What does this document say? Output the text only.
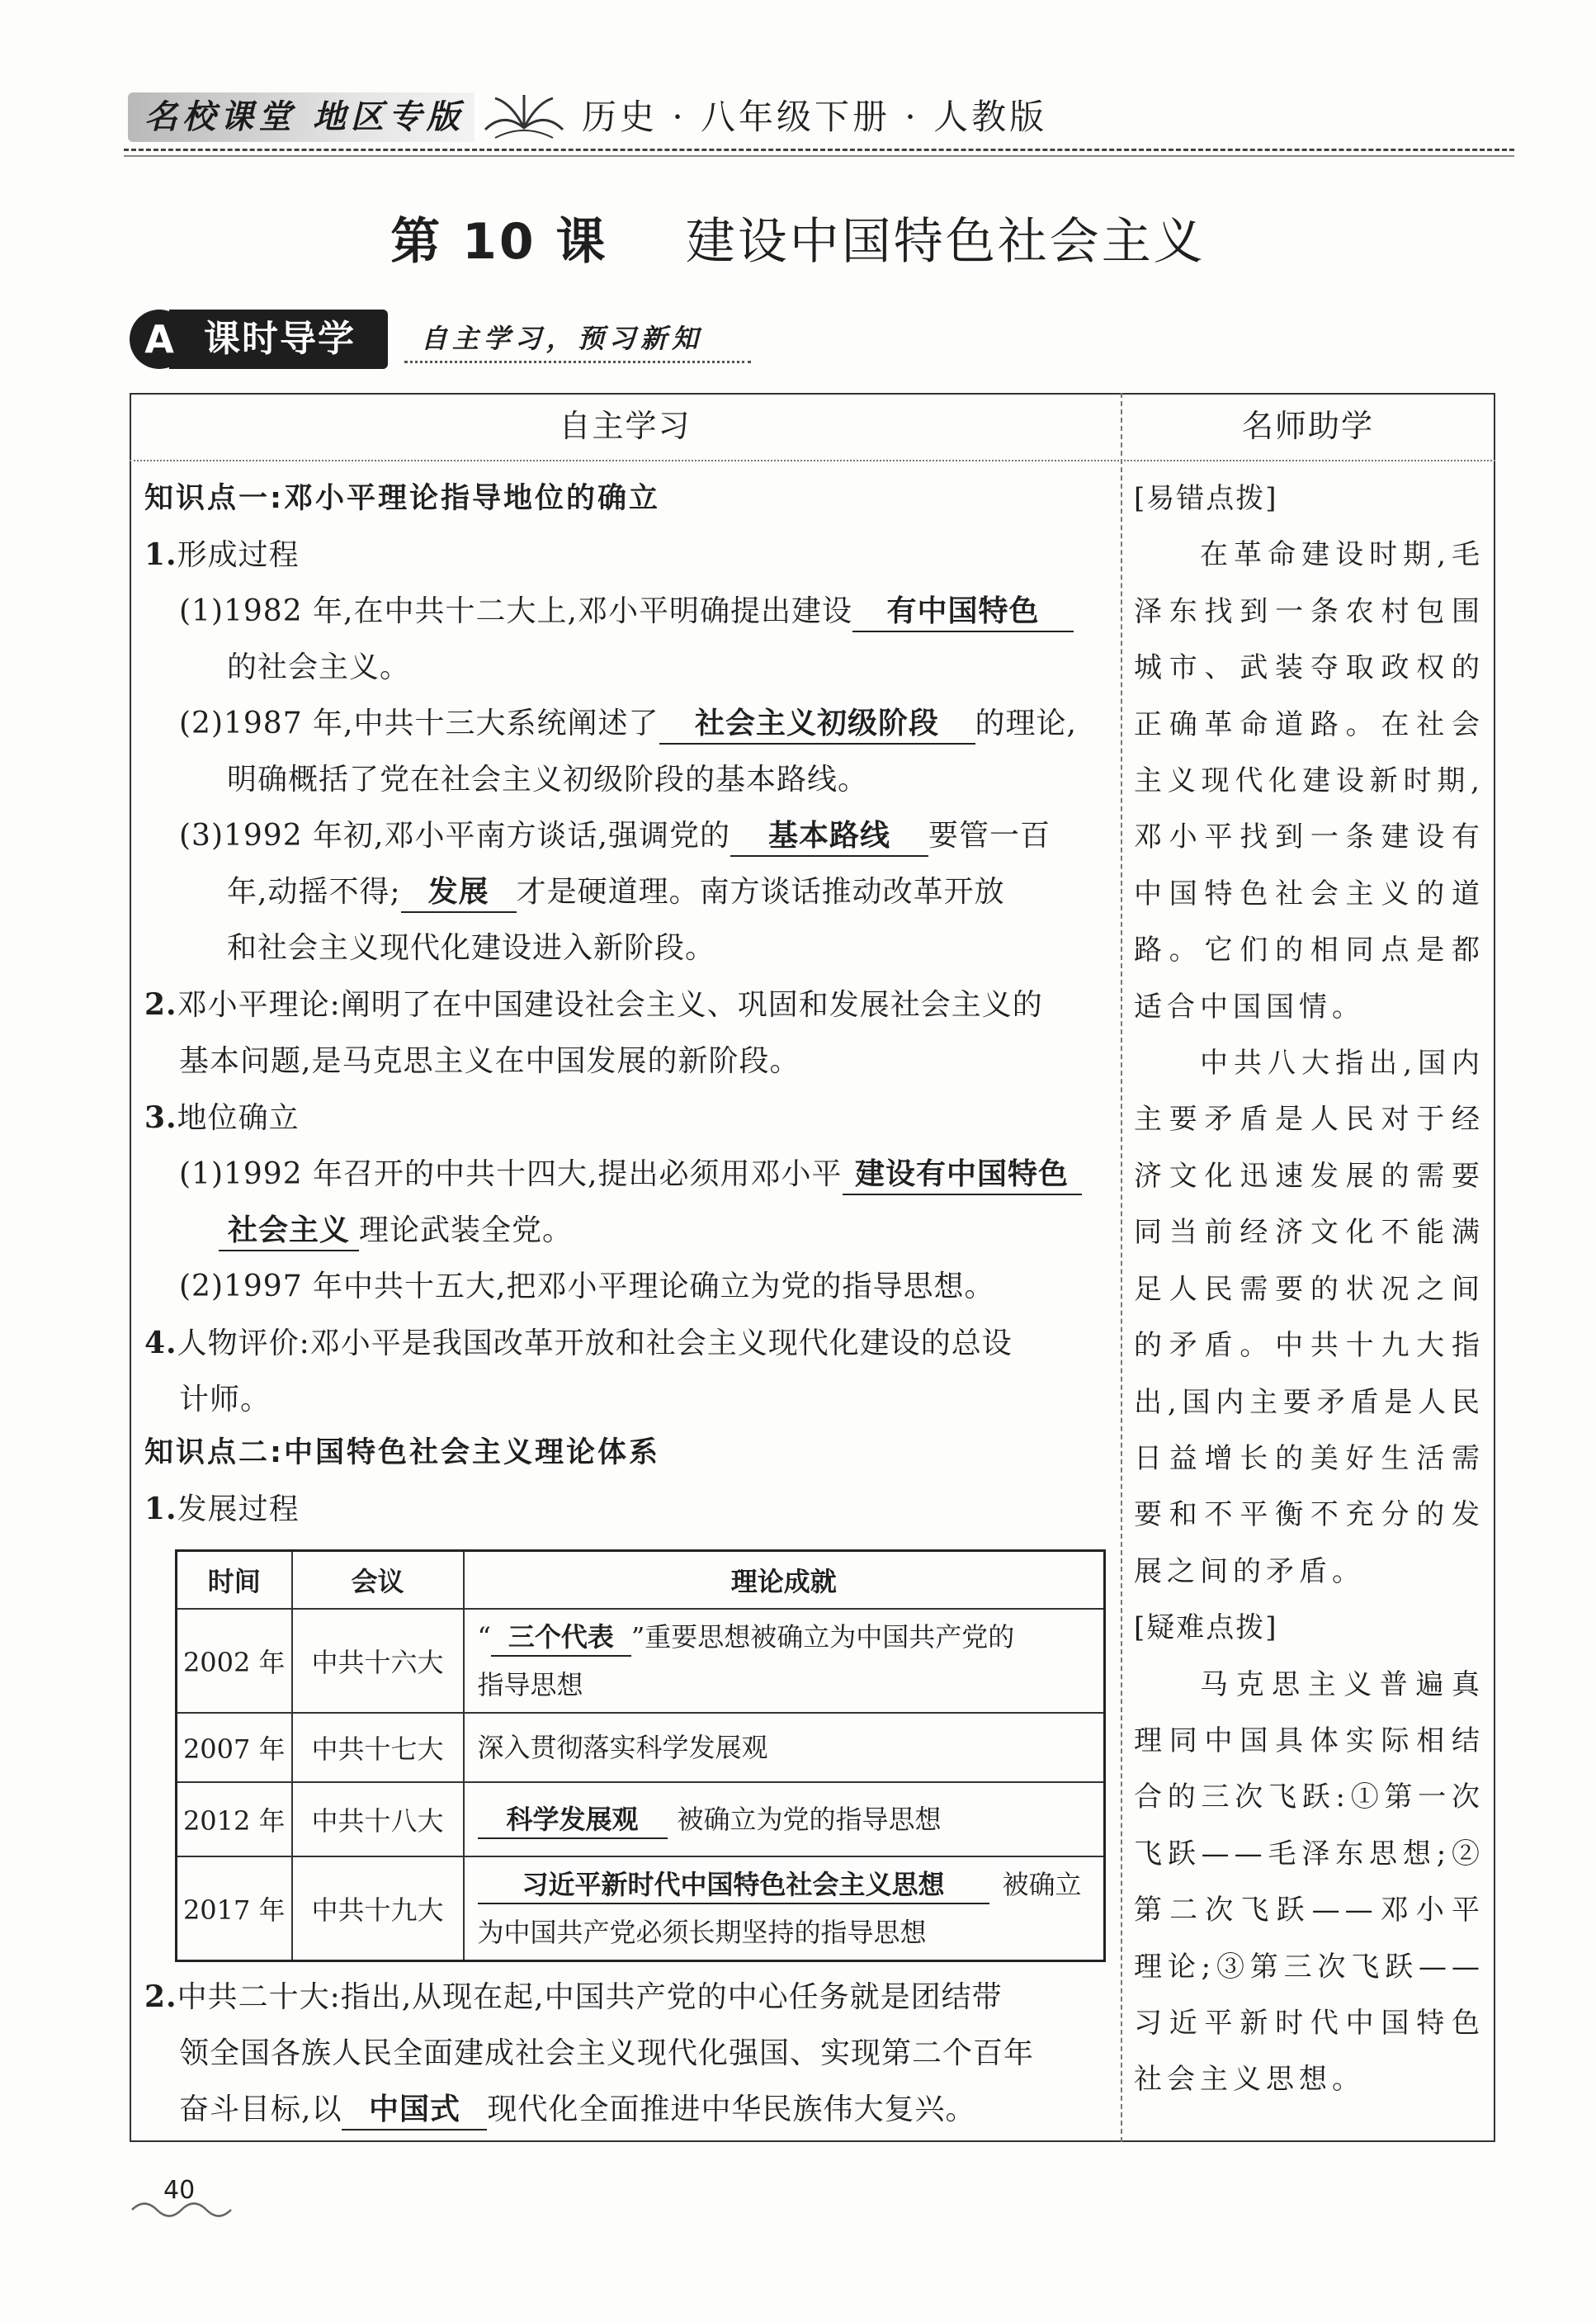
名校课堂 地区专版	历史 · 八年级下册 · 人教版
第 10 课 建设中国特色社会主义
课时导学
A	自主学习，预习新知
自主学习	名师助学
知识点一:邓小平理论指导地位的确立
1.形成过程
(1)1982 年,在中共十二大上,邓小平明确提出建设 有中国特色
的社会主义。
(2)1987 年,中共十三大系统阐述了 社会主义初级阶段 的理论,
明确概括了党在社会主义初级阶段的基本路线。
(3)1992 年初,邓小平南方谈话,强调党的 基本路线 要管一百
年,动摇不得; 发展 才是硬道理。南方谈话推动改革开放
和社会主义现代化建设进入新阶段。
2.邓小平理论:阐明了在中国建设社会主义、巩固和发展社会主义的
基本问题,是马克思主义在中国发展的新阶段。
3.地位确立
(1)1992 年召开的中共十四大,提出必须用邓小平 建设有中国特色
社会主义 理论武装全党。
(2)1997 年中共十五大,把邓小平理论确立为党的指导思想。
4.人物评价:邓小平是我国改革开放和社会主义现代化建设的总设
计师。
知识点二:中国特色社会主义理论体系
1.发展过程
时间	会议	理论成就
2002 年	中共十六大	“ 三个代表 ”重要思想被确立为中国共产党的
指导思想
2007 年	中共十七大	深入贯彻落实科学发展观
2012 年	中共十八大	科学发展观 被确立为党的指导思想
2017 年	中共十九大	习近平新时代中国特色社会主义思想 被确立
为中国共产党必须长期坚持的指导思想
2.中共二十大:指出,从现在起,中国共产党的中心任务就是团结带
领全国各族人民全面建成社会主义现代化强国、实现第二个百年
奋斗目标,以 中国式 现代化全面推进中华民族伟大复兴。

[易错点拨]

在革命建设时期,毛泽东找到一条农村包围城市、武装夺取政权的正确革命道路。在社会主义现代化建设新时期,邓小平找到一条建设有中国特色社会主义的道路。它们的相同点是都适合中国国情。

中共八大指出,国内主要矛盾是人民对于经济文化迅速发展的需要同当前经济文化不能满足人民需要的状况之间的矛盾。中共十九大指出,国内主要矛盾是人民日益增长的美好生活需要和不平衡不充分的发展之间的矛盾。

[疑难点拨]

马克思主义普遍真理同中国具体实际相结合的三次飞跃:①第一次飞跃——毛泽东思想;②第二次飞跃——邓小平理论;③第三次飞跃——习近平新时代中国特色社会主义思想。

40
